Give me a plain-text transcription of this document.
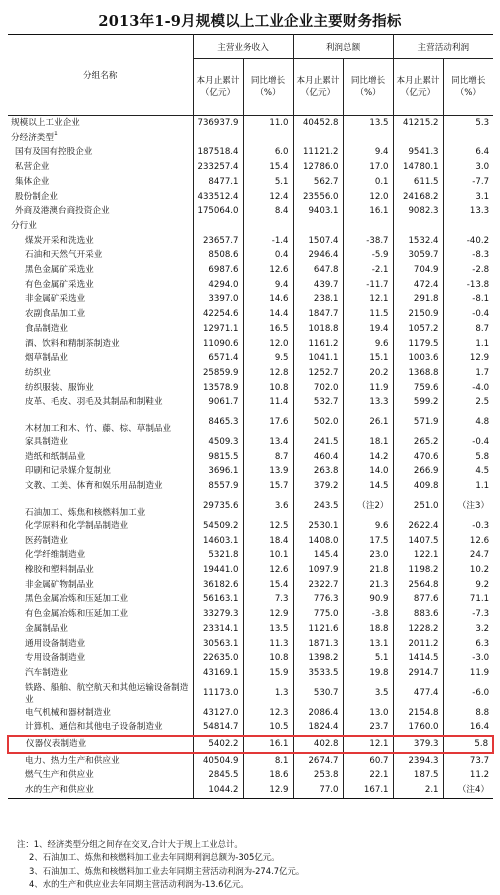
2013年1-9月规模以上工业企业主要财务指标
分组名称	主营业务收入		利润总额		主营活动利润	
	本月止累计（亿元）	同比增长（%）	本月止累计（亿元）	同比增长（%）	本月止累计（亿元）	同比增长（%）
规模以上工业企业	736937.9	11.0	40452.8	13.5	41215.2	5.3
分经济类型$^1$						
国有及国有控股企业	187518.4	6.0	11121.2	9.4	9541.3	6.4
私营企业	233257.4	15.4	12786.0	17.0	14780.1	3.0
集体企业	8477.1	5.1	562.7	0.1	611.5	-7.7
股份制企业	433512.4	12.4	23556.0	12.0	24168.2	3.1
外商及港澳台商投资企业	175064.0	8.4	9403.1	16.1	9082.3	13.3
分行业						
煤炭开采和洗选业	23657.7	-1.4	1507.4	-38.7	1532.4	-40.2
石油和天然气开采业	8508.6	0.4	2946.4	-5.9	3059.7	-8.3
黑色金属矿采选业	6987.6	12.6	647.8	-2.1	704.9	-2.8
有色金属矿采选业	4294.0	9.4	439.7	-11.7	472.4	-13.8
非金属矿采选业	3397.0	14.6	238.1	12.1	291.8	-8.1
农副食品加工业	42254.6	14.4	1847.7	11.5	2150.9	-0.4
食品制造业	12971.1	16.5	1018.8	19.4	1057.2	8.7
酒、饮料和精制茶制造业	11090.6	12.0	1161.2	9.6	1179.5	1.1
烟草制品业	6571.4	9.5	1041.1	15.1	1003.6	12.9
纺织业	25859.9	12.8	1252.7	20.2	1368.8	1.7
纺织服装、服饰业	13578.9	10.8	702.0	11.9	759.6	-4.0
皮革、毛皮、羽毛及其制品和制鞋业	9061.7	11.4	532.7	13.3	599.2	2.5
木材加工和木、竹、藤、棕、草制品业	8465.3	17.6	502.0	26.1	571.9	4.8
家具制造业	4509.3	13.4	241.5	18.1	265.2	-0.4
造纸和纸制品业	9815.5	8.7	460.4	14.2	470.6	5.8
印刷和记录媒介复制业	3696.1	13.9	263.8	14.0	266.9	4.5
文教、工美、体育和娱乐用品制造业	8557.9	15.7	379.2	14.5	409.8	1.1
石油加工、炼焦和核燃料加工业	29735.6	3.6	243.5	（注2）	251.0	（注3）
化学原料和化学制品制造业	54509.2	12.5	2530.1	9.6	2622.4	-0.3
医药制造业	14603.1	18.4	1408.0	17.5	1407.5	12.6
化学纤维制造业	5321.8	10.1	145.4	23.0	122.1	24.7
橡胶和塑料制品业	19441.0	12.6	1097.9	21.8	1198.2	10.2
非金属矿物制品业	36182.6	15.4	2322.7	21.3	2564.8	9.2
黑色金属冶炼和压延加工业	56163.1	7.3	776.3	90.9	877.6	71.1
有色金属冶炼和压延加工业	33279.3	12.9	775.0	-3.8	883.6	-7.3
金属制品业	23314.1	13.5	1121.6	18.8	1228.2	3.2
通用设备制造业	30563.1	11.3	1871.3	13.1	2011.2	6.3
专用设备制造业	22635.0	10.8	1398.2	5.1	1414.5	-3.0
汽车制造业	43169.1	15.9	3533.5	19.8	2914.7	11.9
铁路、船舶、航空航天和其他运输设备制造业	11173.0	1.3	530.7	3.5	477.4	-6.0
电气机械和器材制造业	43127.0	12.3	2086.4	13.0	2154.8	8.8
计算机、通信和其他电子设备制造业	54814.7	10.5	1824.4	23.7	1760.0	16.4
仪器仪表制造业	5402.2	16.1	402.8	12.1	379.3	5.8
电力、热力生产和供应业	40504.9	8.1	2674.7	60.7	2394.3	73.7
燃气生产和供应业	2845.5	18.6	253.8	22.1	187.5	11.2
水的生产和供应业	1044.2	12.9	77.0	167.1	2.1	（注4）
注：1、经济类型分组之间存在交叉,合计大于规上工业总计。
2、石油加工、炼焦和核燃料加工业去年同期利润总额为-305亿元。
3、石油加工、炼焦和核燃料加工业去年同期主营活动利润为-274.7亿元。
4、水的生产和供应业去年同期主营活动利润为-13.6亿元。
